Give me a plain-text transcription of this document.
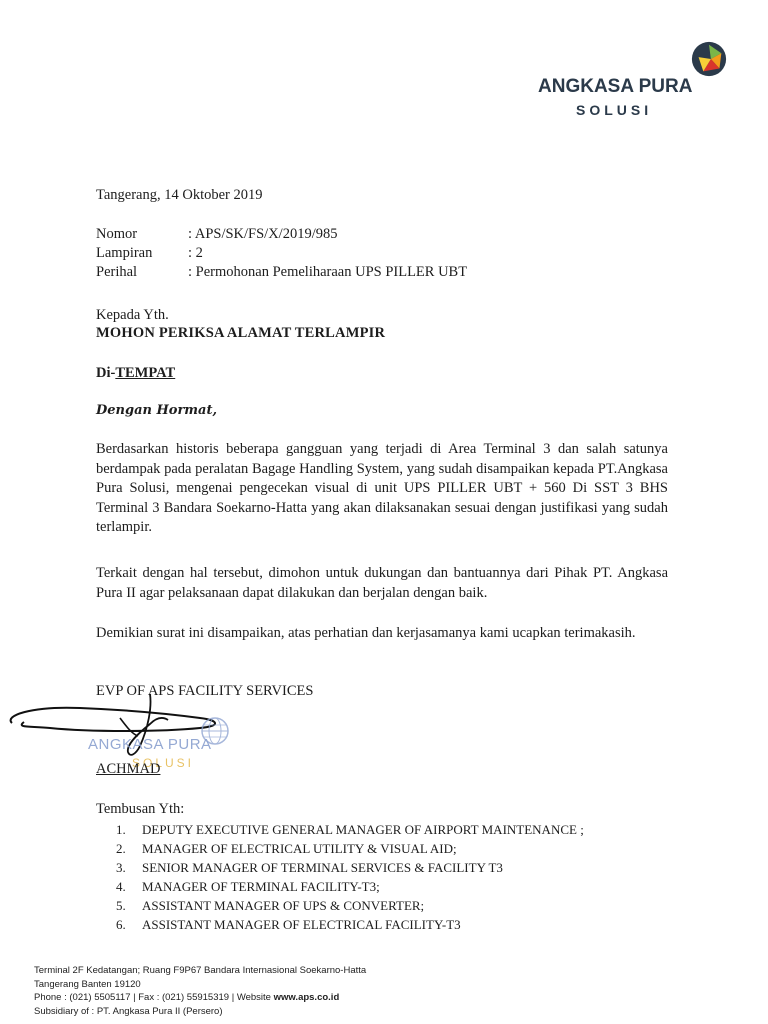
ANGKASA PURA
SOLUSI
Tangerang, 14 Oktober 2019
Nomor	: APS/SK/FS/X/2019/985
Lampiran	: 2
Perihal	: Permohonan Pemeliharaan UPS PILLER UBT
Kepada Yth.
MOHON PERIKSA ALAMAT TERLAMPIR
Di-TEMPAT
Dengan Hormat,
Berdasarkan historis beberapa gangguan yang terjadi di Area Terminal 3 dan salah satunya berdampak pada peralatan Bagage Handling System, yang sudah disampaikan kepada PT.Angkasa Pura Solusi, mengenai pengecekan visual di unit UPS PILLER UBT + 560 Di SST 3 BHS Terminal 3 Bandara Soekarno-Hatta yang akan dilaksanakan sesuai dengan justifikasi yang sudah terlampir.
Terkait dengan hal tersebut, dimohon untuk dukungan dan bantuannya dari Pihak PT. Angkasa Pura II agar pelaksanaan dapat dilakukan dan berjalan dengan baik.
Demikian surat ini disampaikan, atas perhatian dan kerjasamanya kami ucapkan terimakasih.
EVP OF APS FACILITY SERVICES
ANGKASA PURA
SOLUSI
ACHMAD
Tembusan Yth:
1.	DEPUTY EXECUTIVE GENERAL MANAGER OF AIRPORT MAINTENANCE ;
2.	MANAGER OF ELECTRICAL UTILITY & VISUAL AID;
3.	SENIOR MANAGER OF TERMINAL SERVICES & FACILITY T3
4.	MANAGER OF TERMINAL FACILITY-T3;
5.	ASSISTANT MANAGER OF UPS & CONVERTER;
6.	ASSISTANT MANAGER OF ELECTRICAL FACILITY-T3
Terminal 2F Kedatangan; Ruang F9P67 Bandara Internasional Soekarno-Hatta
Tangerang Banten 19120
Phone : (021) 5505117 | Fax : (021) 55915319 | Website www.aps.co.id
Subsidiary of : PT. Angkasa Pura II (Persero)
